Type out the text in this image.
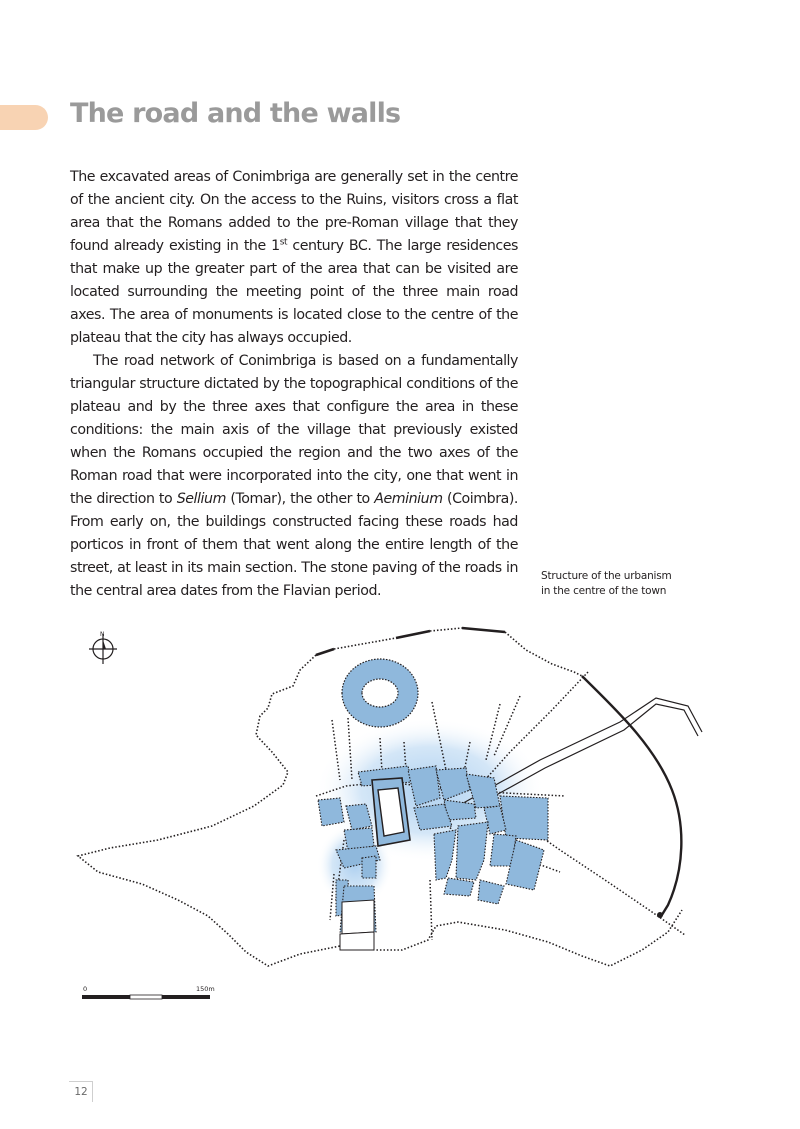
The road and the walls

The excavated areas of Conimbriga are generally set in the centre of the ancient city. On the access to the Ruins, visitors cross a flat area that the Romans added to the pre-Roman village that they found already existing in the 1st century BC. The large residences that make up the greater part of the area that can be visited are located surrounding the meeting point of the three main road axes. The area of monuments is located close to the centre of the plateau that the city has always occupied.

The road network of Conimbriga is based on a fundamentally triangular structure dictated by the topographical conditions of the plateau and by the three axes that configure the area in these conditions: the main axis of the village that previously existed when the Romans occupied the region and the two axes of the Roman road that were incorporated into the city, one that went in the direction to Sellium (Tomar), the other to Aeminium (Coimbra). From early on, the buildings constructed facing these roads had porticos in front of them that went along the entire length of the street, at least in its main section. The stone paving of the roads in the central area dates from the Flavian period.

Structure of the urbanism
in the centre of the town
N
0	150m
12
